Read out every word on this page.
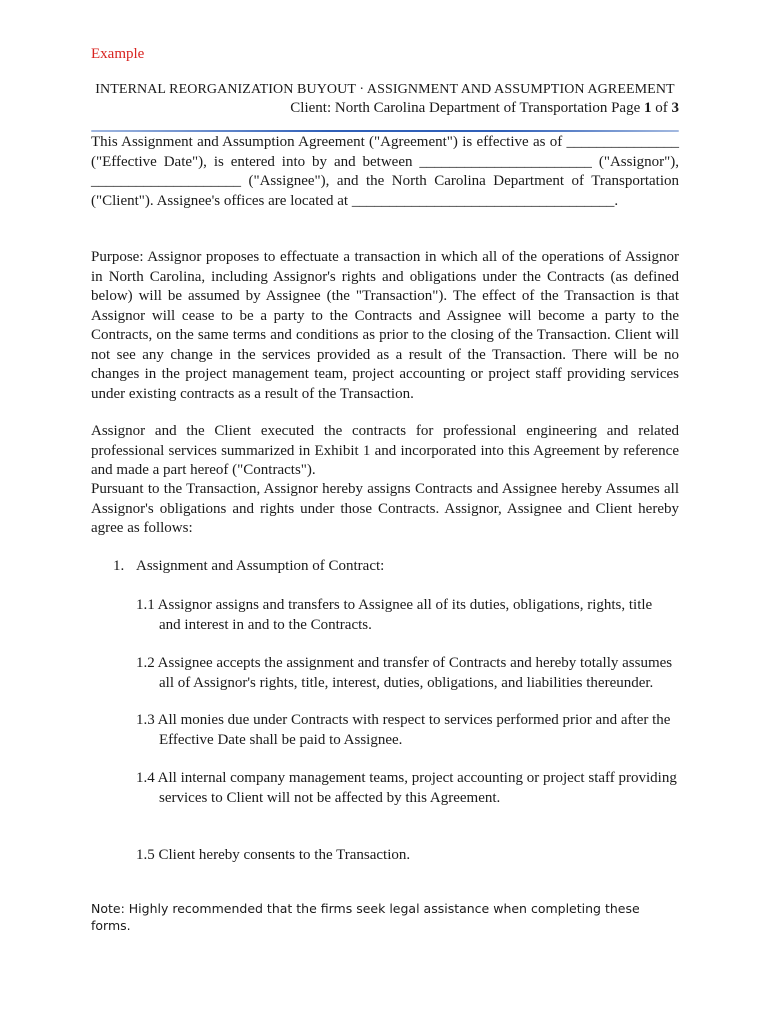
Example
INTERNAL REORGANIZATION BUYOUT · ASSIGNMENT AND ASSUMPTION AGREEMENT
Client: North Carolina Department of Transportation Page 1 of 3
This Assignment and Assumption Agreement ("Agreement") is effective as of _______________ ("Effective Date"), is entered into by and between _______________________ ("Assignor"), ____________________ ("Assignee"), and the North Carolina Department of Transportation ("Client"). Assignee's offices are located at ___________________________________.
Purpose: Assignor proposes to effectuate a transaction in which all of the operations of Assignor in North Carolina, including Assignor's rights and obligations under the Contracts (as defined below) will be assumed by Assignee (the "Transaction"). The effect of the Transaction is that Assignor will cease to be a party to the Contracts and Assignee will become a party to the Contracts, on the same terms and conditions as prior to the closing of the Transaction. Client will not see any change in the services provided as a result of the Transaction. There will be no changes in the project management team, project accounting or project staff providing services under existing contracts as a result of the Transaction.
Assignor and the Client executed the contracts for professional engineering and related professional services summarized in Exhibit 1 and incorporated into this Agreement by reference and made a part hereof ("Contracts").
Pursuant to the Transaction, Assignor hereby assigns Contracts and Assignee hereby Assumes all Assignor's obligations and rights under those Contracts. Assignor, Assignee and Client hereby agree as follows:
1. Assignment and Assumption of Contract:
1.1 Assignor assigns and transfers to Assignee all of its duties, obligations, rights, title
and interest in and to the Contracts.
1.2 Assignee accepts the assignment and transfer of Contracts and hereby totally assumes
all of Assignor's rights, title, interest, duties, obligations, and liabilities thereunder.
1.3 All monies due under Contracts with respect to services performed prior and after the
Effective Date shall be paid to Assignee.
1.4 All internal company management teams, project accounting or project staff providing
services to Client will not be affected by this Agreement.
1.5 Client hereby consents to the Transaction.
Note: Highly recommended that the firms seek legal assistance when completing these forms.
